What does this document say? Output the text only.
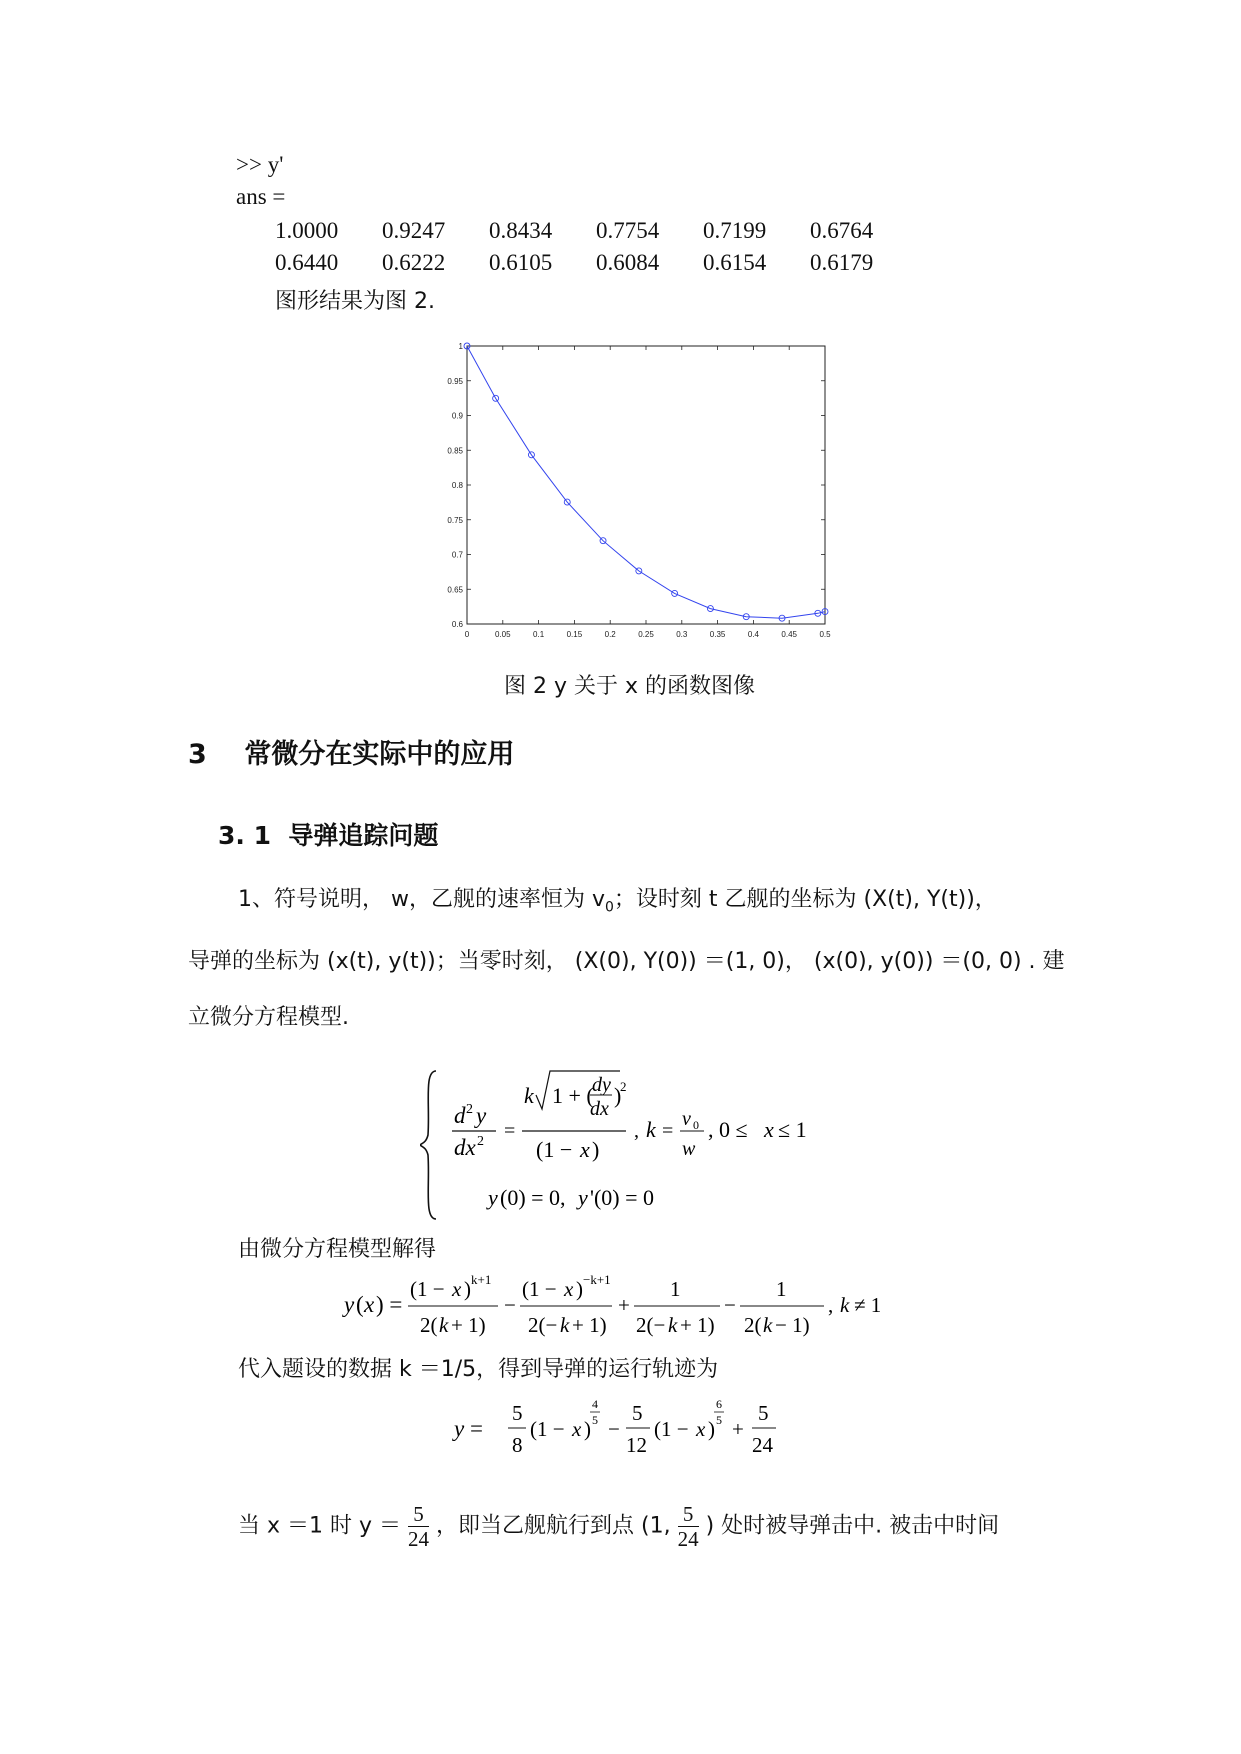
>> y'
ans =
1.0000 0.9247 0.8434 0.7754 0.7199 0.6764
0.6440 0.6222 0.6105 0.6084 0.6154 0.6179
图形结果为图 2.
0	0.05	0.1	0.15	0.2	0.25	0.3	0.35	0.4	0.45	0.5
0.6
0.65
0.7
0.75
0.8
0.85
0.9
0.95
1
图 2 y 关于 x 的函数图像
3 常微分在实际中的应用
3. 1 导弹追踪问题
1、符号说明， w，乙舰的速率恒为 $v_0$；设时刻 t 乙舰的坐标为 (X(t), Y(t))，
导弹的坐标为 (x(t), y(t))；当零时刻， (X(0), Y(0)) ＝(1, 0)， (x(0), y(0)) ＝(0, 0) . 建
立微分方程模型.
d 2 y
dx 2 =
k 1 + (
dy
dx
)
2
(1 − x )
, k =
v 0
w
, 0 ≤ x ≤ 1
y (0) = 0, y '(0) = 0
由微分方程模型解得
y ( x ) =
(1 − x ) k+1
2( k + 1)
−
(1 − x ) −k+1
2(− k + 1)
+
1
2(− k + 1)
−
1
2( k − 1)
, k ≠ 1
代入题设的数据 k ＝1/5，得到导弹的运行轨迹为
y =
5
8
(1 − x )
4
5 −
5
12
(1 − x )
6
5 +
5
24
当 x ＝1 时 $y = \frac{5}{24}$ ，即当乙舰航行到点 (1, $\frac{5}{24}$ ) 处时被导弹击中. 被击中时间
